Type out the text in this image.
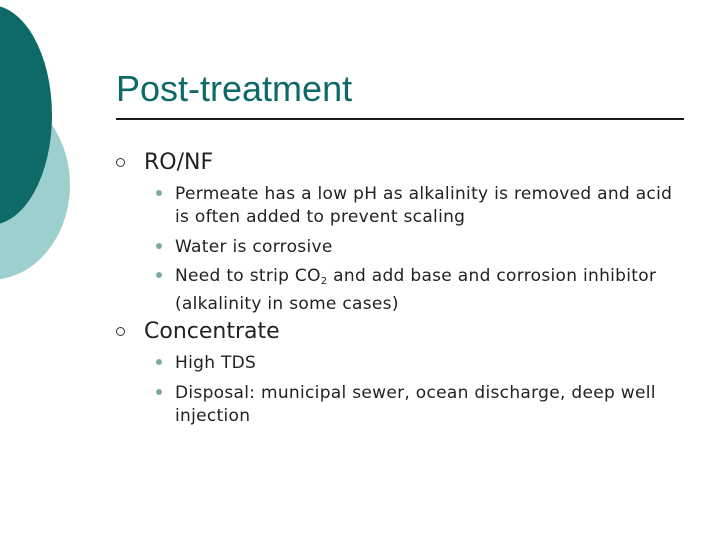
Post-treatment
RO/NF
Permeate has a low pH as alkalinity is removed and acid is often added to prevent scaling
Water is corrosive
Need to strip $CO_2$ and add base and corrosion inhibitor (alkalinity in some cases)
Concentrate
High TDS
Disposal: municipal sewer, ocean discharge, deep well injection
